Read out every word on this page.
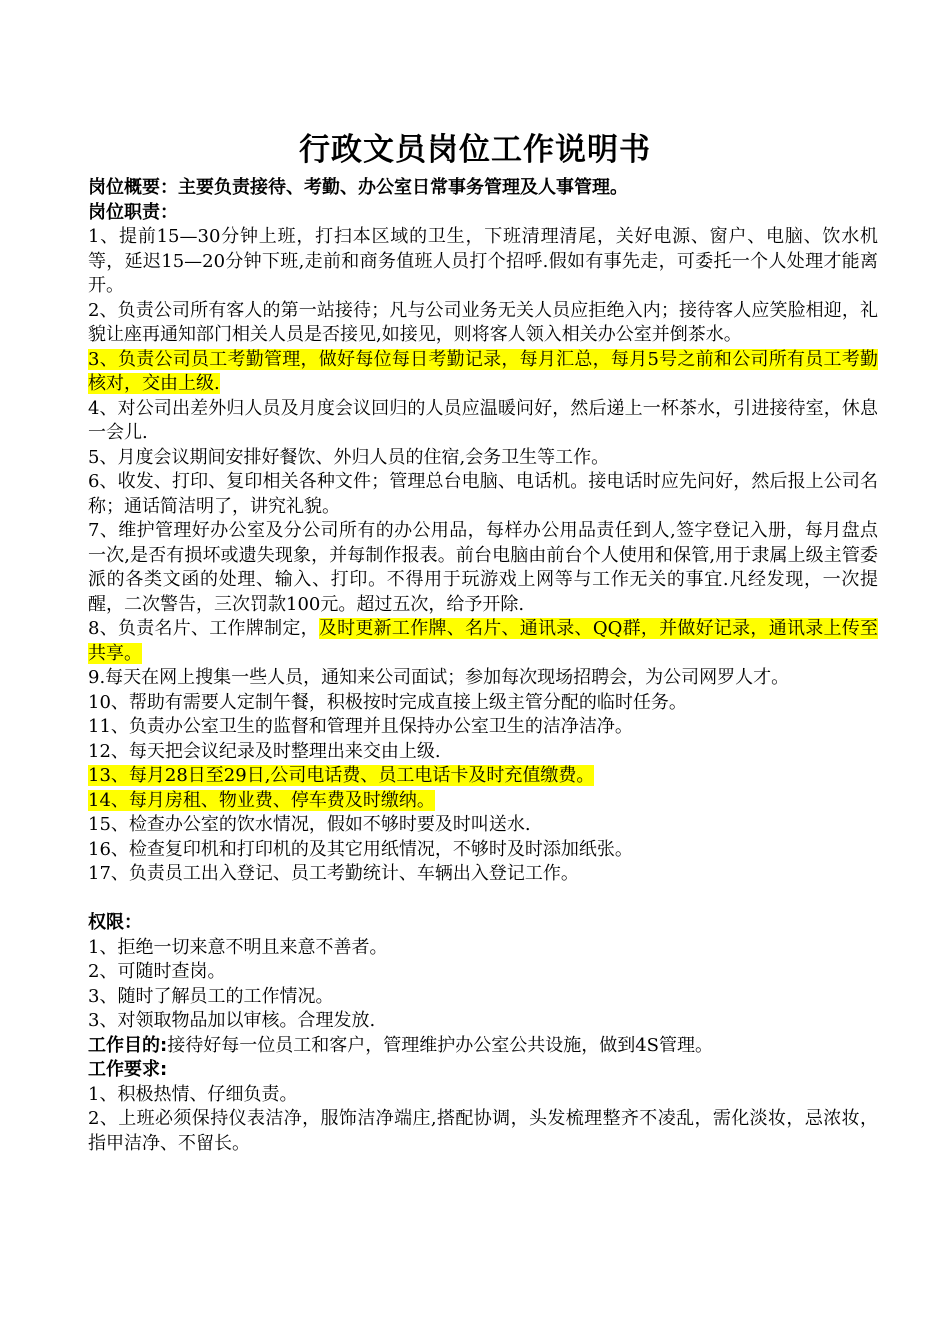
行政文员岗位工作说明书

岗位概要：主要负责接待、考勤、办公室日常事务管理及人事管理。

岗位职责：

1、提前15—30分钟上班，打扫本区域的卫生，下班清理清尾，关好电源、窗户、电脑、饮水机等，延迟15—20分钟下班,走前和商务值班人员打个招呼.假如有事先走，可委托一个人处理才能离开。

2、负责公司所有客人的第一站接待；凡与公司业务无关人员应拒绝入内；接待客人应笑脸相迎，礼貌让座再通知部门相关人员是否接见,如接见，则将客人领入相关办公室并倒茶水。

3、负责公司员工考勤管理，做好每位每日考勤记录，每月汇总，每月5号之前和公司所有员工考勤核对，交由上级.

4、对公司出差外归人员及月度会议回归的人员应温暖问好，然后递上一杯茶水，引进接待室，休息一会儿.

5、月度会议期间安排好餐饮、外归人员的住宿,会务卫生等工作。

6、收发、打印、复印相关各种文件；管理总台电脑、电话机。接电话时应先问好，然后报上公司名称；通话简洁明了，讲究礼貌。

7、维护管理好办公室及分公司所有的办公用品，每样办公用品责任到人,签字登记入册，每月盘点一次,是否有损坏或遗失现象，并每制作报表。前台电脑由前台个人使用和保管,用于隶属上级主管委派的各类文函的处理、输入、打印。不得用于玩游戏上网等与工作无关的事宜.凡经发现，一次提醒，二次警告，三次罚款100元。超过五次，给予开除.

8、负责名片、工作牌制定，及时更新工作牌、名片、通讯录、QQ群，并做好记录，通讯录上传至共享。

9.每天在网上搜集一些人员，通知来公司面试；参加每次现场招聘会，为公司网罗人才。

10、帮助有需要人定制午餐，积极按时完成直接上级主管分配的临时任务。

11、负责办公室卫生的监督和管理并且保持办公室卫生的洁净洁净。

12、每天把会议纪录及时整理出来交由上级.

13、每月28日至29日,公司电话费、员工电话卡及时充值缴费。

14、每月房租、物业费、停车费及时缴纳。

15、检查办公室的饮水情况，假如不够时要及时叫送水.

16、检查复印机和打印机的及其它用纸情况，不够时及时添加纸张。

17、负责员工出入登记、员工考勤统计、车辆出入登记工作。

权限：

1、拒绝一切来意不明且来意不善者。

2、可随时查岗。

3、随时了解员工的工作情况。

3、对领取物品加以审核。合理发放.

工作目的:接待好每一位员工和客户，管理维护办公室公共设施，做到4S管理。

工作要求:

1、积极热情、仔细负责。

2、上班必须保持仪表洁净，服饰洁净端庄,搭配协调，头发梳理整齐不凌乱，需化淡妆，忌浓妆，指甲洁净、不留长。
